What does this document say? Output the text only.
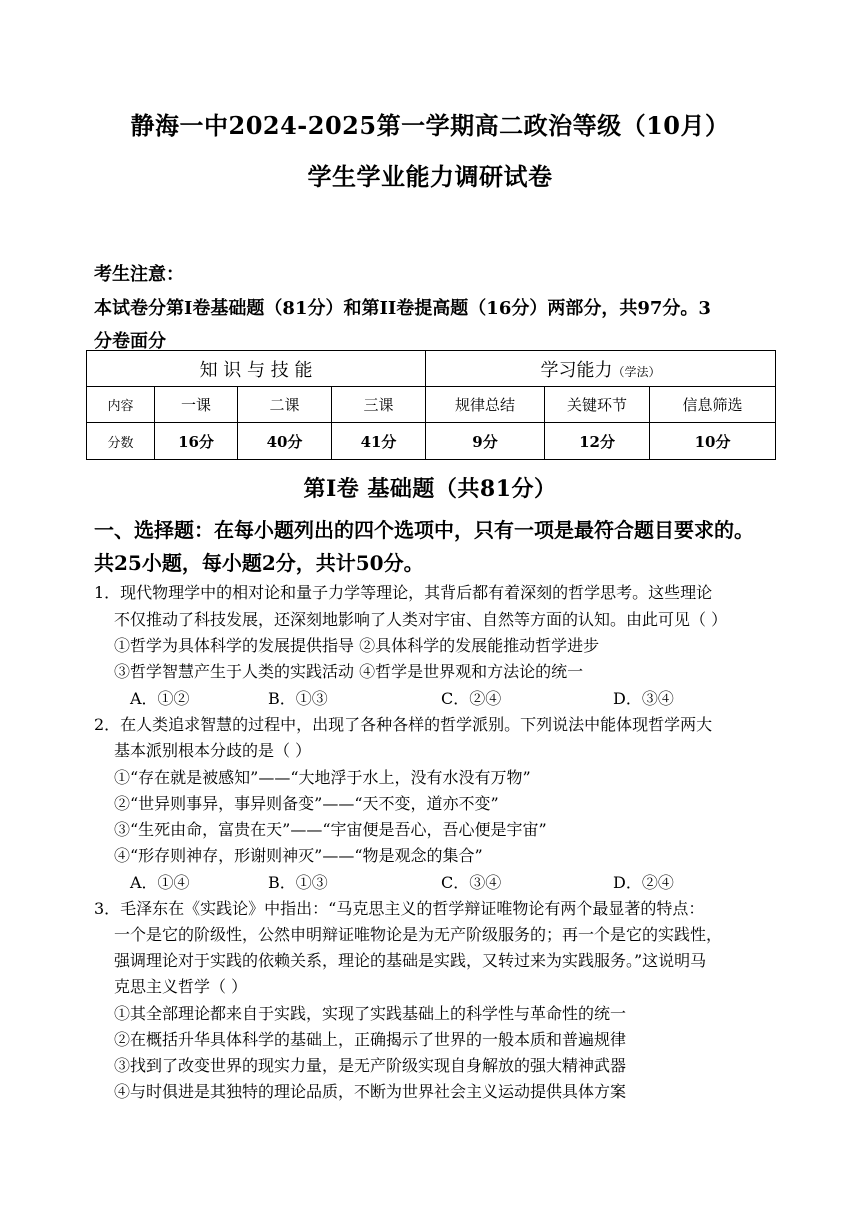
静海一中2024-2025第一学期高二政治等级（10月）
学生学业能力调研试卷
考生注意：
本试卷分第I卷基础题（81分）和第II卷提高题（16分）两部分，共97分。3
分卷面分
知 识 与 技 能				学习能力（学法）		
内容	一课	二课	三课	规律总结	关键环节	信息筛选
分数	16分	40分	41分	9分	12分	10分
第I卷 基础题（共81分）
一、选择题：在每小题列出的四个选项中，只有一项是最符合题目要求的。
共25小题，每小题2分，共计50分。
1．现代物理学中的相对论和量子力学等理论，其背后都有着深刻的哲学思考。这些理论
不仅推动了科技发展，还深刻地影响了人类对宇宙、自然等方面的认知。由此可见（ ）
①哲学为具体科学的发展提供指导 ②具体科学的发展能推动哲学进步
③哲学智慧产生于人类的实践活动 ④哲学是世界观和方法论的统一
A．①②	B．①③	C．②④	D．③④
2．在人类追求智慧的过程中，出现了各种各样的哲学派别。下列说法中能体现哲学两大
基本派别根本分歧的是（ ）
①“存在就是被感知”——“大地浮于水上，没有水没有万物”
②“世异则事异，事异则备变”——“天不变，道亦不变”
③“生死由命，富贵在天”——“宇宙便是吾心，吾心便是宇宙”
④“形存则神存，形谢则神灭”——“物是观念的集合”
A．①④	B．①③	C．③④	D．②④
3．毛泽东在《实践论》中指出：“马克思主义的哲学辩证唯物论有两个最显著的特点：
一个是它的阶级性，公然申明辩证唯物论是为无产阶级服务的；再一个是它的实践性，
强调理论对于实践的依赖关系，理论的基础是实践，又转过来为实践服务。”这说明马
克思主义哲学（ ）
①其全部理论都来自于实践，实现了实践基础上的科学性与革命性的统一
②在概括升华具体科学的基础上，正确揭示了世界的一般本质和普遍规律
③找到了改变世界的现实力量，是无产阶级实现自身解放的强大精神武器
④与时俱进是其独特的理论品质，不断为世界社会主义运动提供具体方案
